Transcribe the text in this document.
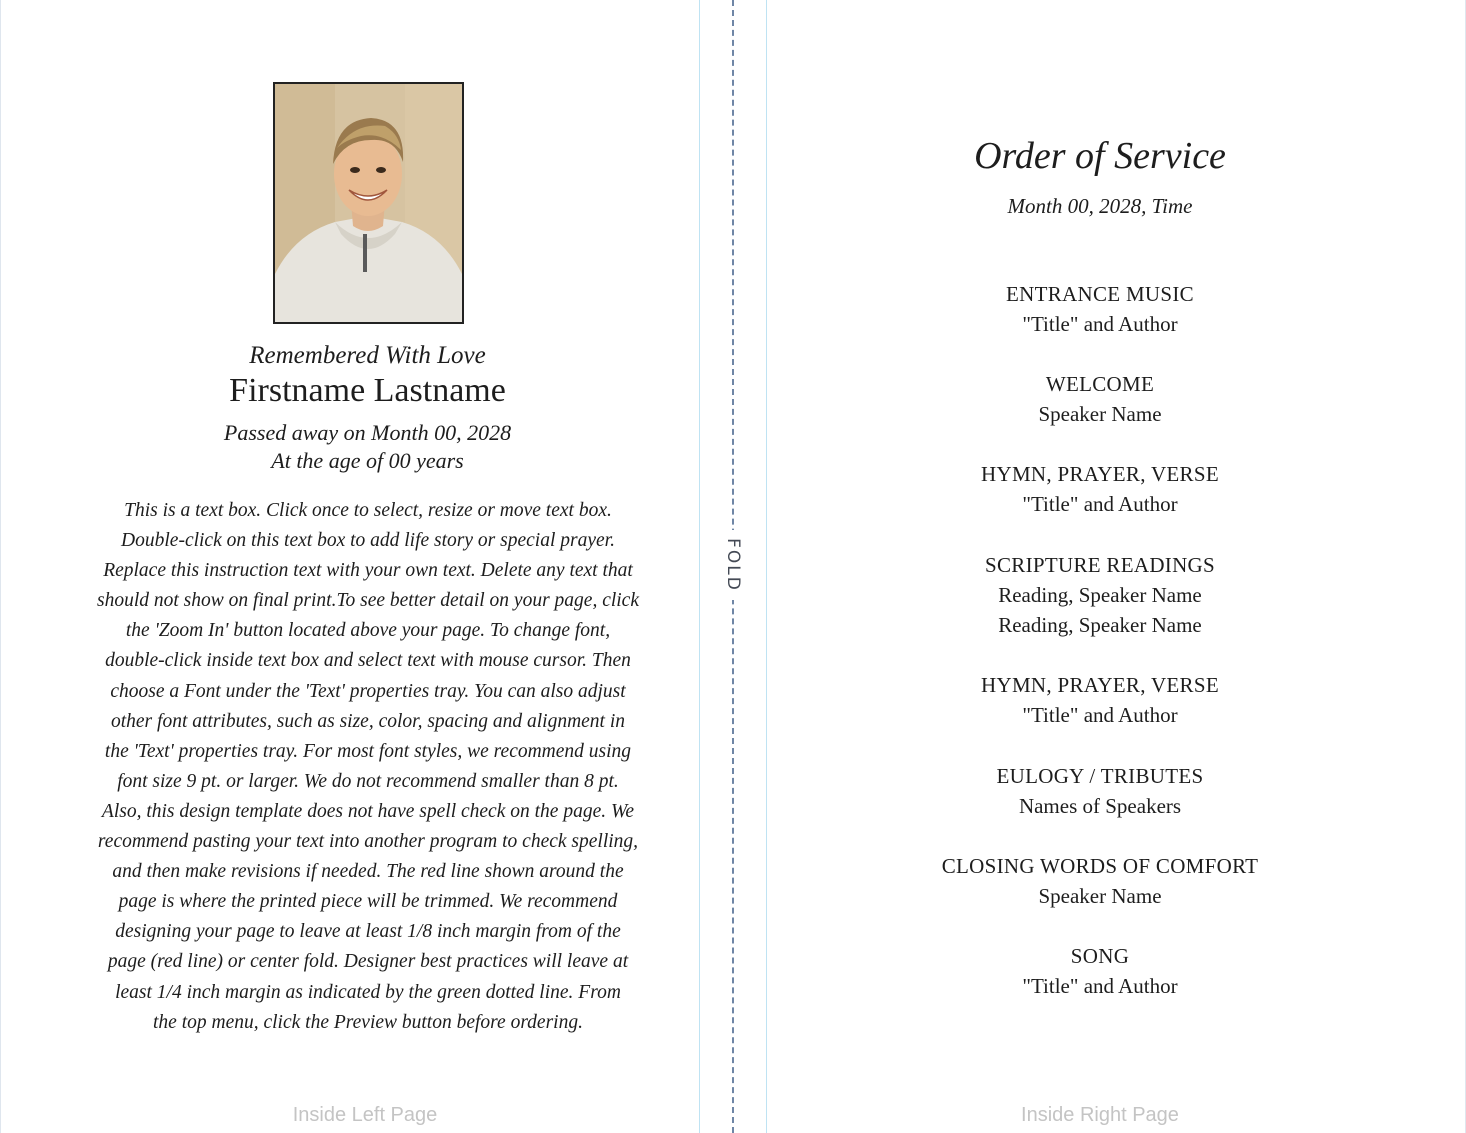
FOLD
Remembered With Love
Firstname Lastname
Passed away on Month 00, 2028
At the age of 00 years
This is a text box. Click once to select, resize or move text box.
Double-click on this text box to add life story or special prayer.
Replace this instruction text with your own text. Delete any text that
should not show on final print.To see better detail on your page, click
the 'Zoom In' button located above your page. To change font,
double-click inside text box and select text with mouse cursor. Then
choose a Font under the 'Text' properties tray. You can also adjust
other font attributes, such as size, color, spacing and alignment in
the 'Text' properties tray. For most font styles, we recommend using
font size 9 pt. or larger. We do not recommend smaller than 8 pt.
Also, this design template does not have spell check on the page. We
recommend pasting your text into another program to check spelling,
and then make revisions if needed. The red line shown around the
page is where the printed piece will be trimmed. We recommend
designing your page to leave at least 1/8 inch margin from of the
page (red line) or center fold. Designer best practices will leave at
least 1/4 inch margin as indicated by the green dotted line. From
the top menu, click the Preview button before ordering.
Inside Left Page
Order of Service
Month 00, 2028, Time
ENTRANCE MUSIC
"Title" and Author
WELCOME
Speaker Name
HYMN, PRAYER, VERSE
"Title" and Author
SCRIPTURE READINGS
Reading, Speaker Name
Reading, Speaker Name
HYMN, PRAYER, VERSE
"Title" and Author
EULOGY / TRIBUTES
Names of Speakers
CLOSING WORDS OF COMFORT
Speaker Name
SONG
"Title" and Author
Inside Right Page
